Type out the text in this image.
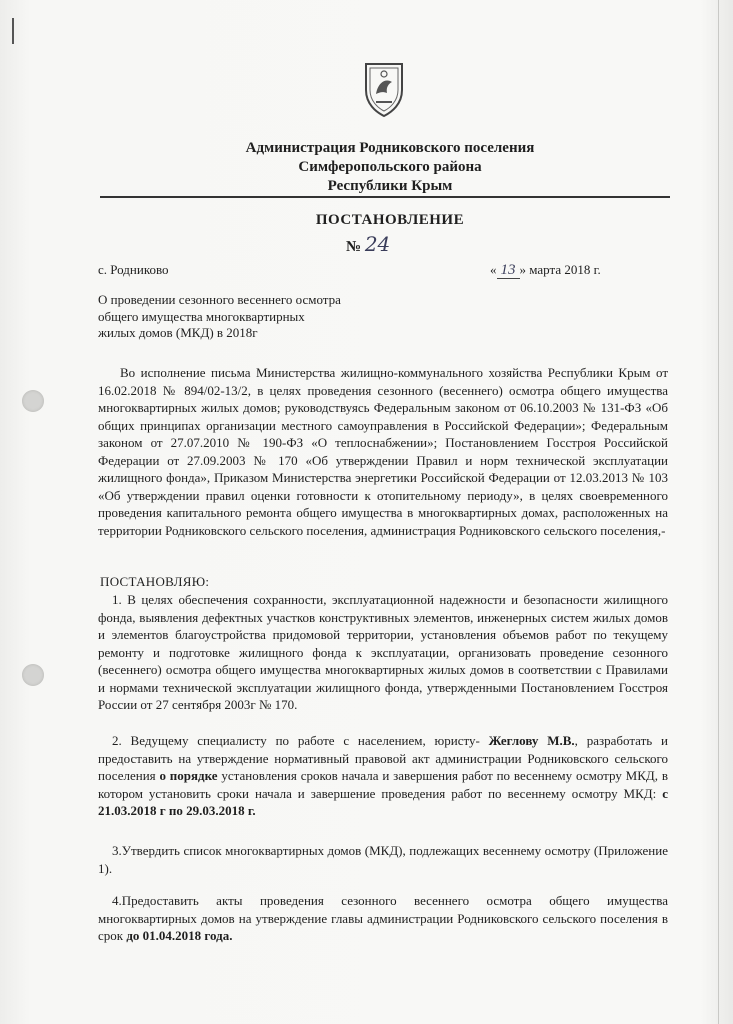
Администрация Родниковского поселения
Симферопольского района
Республики Крым
ПОСТАНОВЛЕНИЕ
№ 24
с. Родниково	« 13 » марта 2018 г.
О проведении сезонного весеннего осмотра
общего имущества многоквартирных
жилых домов (МКД) в 2018г
Во исполнение письма Министерства жилищно-коммунального хозяйства Республики Крым от 16.02.2018 № 894/02-13/2, в целях проведения сезонного (весеннего) осмотра общего имущества многоквартирных жилых домов; руководствуясь Федеральным законом от 06.10.2003 № 131-ФЗ «Об общих принципах организации местного самоуправления в Российской Федерации»; Федеральным законом от 27.07.2010 № 190-ФЗ «О теплоснабжении»; Постановлением Госстроя Российской Федерации от 27.09.2003 № 170 «Об утверждении Правил и норм технической эксплуатации жилищного фонда», Приказом Министерства энергетики Российской Федерации от 12.03.2013 № 103 «Об утверждении правил оценки готовности к отопительному периоду», в целях своевременного проведения капитального ремонта общего имущества в многоквартирных домах, расположенных на территории Родниковского сельского поселения, администрация Родниковского сельского поселения,-
ПОСТАНОВЛЯЮ:
1. В целях обеспечения сохранности, эксплуатационной надежности и безопасности жилищного фонда, выявления дефектных участков конструктивных элементов, инженерных систем жилых домов и элементов благоустройства придомовой территории, установления объемов работ по текущему ремонту и подготовке жилищного фонда к эксплуатации, организовать проведение сезонного (весеннего) осмотра общего имущества многоквартирных жилых домов в соответствии с Правилами и нормами технической эксплуатации жилищного фонда, утвержденными Постановлением Госстроя России от 27 сентября 2003г № 170.
2. Ведущему специалисту по работе с населением, юристу- Жеглову М.В., разработать и предоставить на утверждение нормативный правовой акт администрации Родниковского сельского поселения о порядке установления сроков начала и завершения работ по весеннему осмотру МКД, в котором установить сроки начала и завершение проведения работ по весеннему осмотру МКД: с 21.03.2018 г по 29.03.2018 г.
3.Утвердить список многоквартирных домов (МКД), подлежащих весеннему осмотру (Приложение 1).
4.Предоставить акты проведения сезонного весеннего осмотра общего имущества многоквартирных домов на утверждение главы администрации Родниковского сельского поселения в срок до 01.04.2018 года.
